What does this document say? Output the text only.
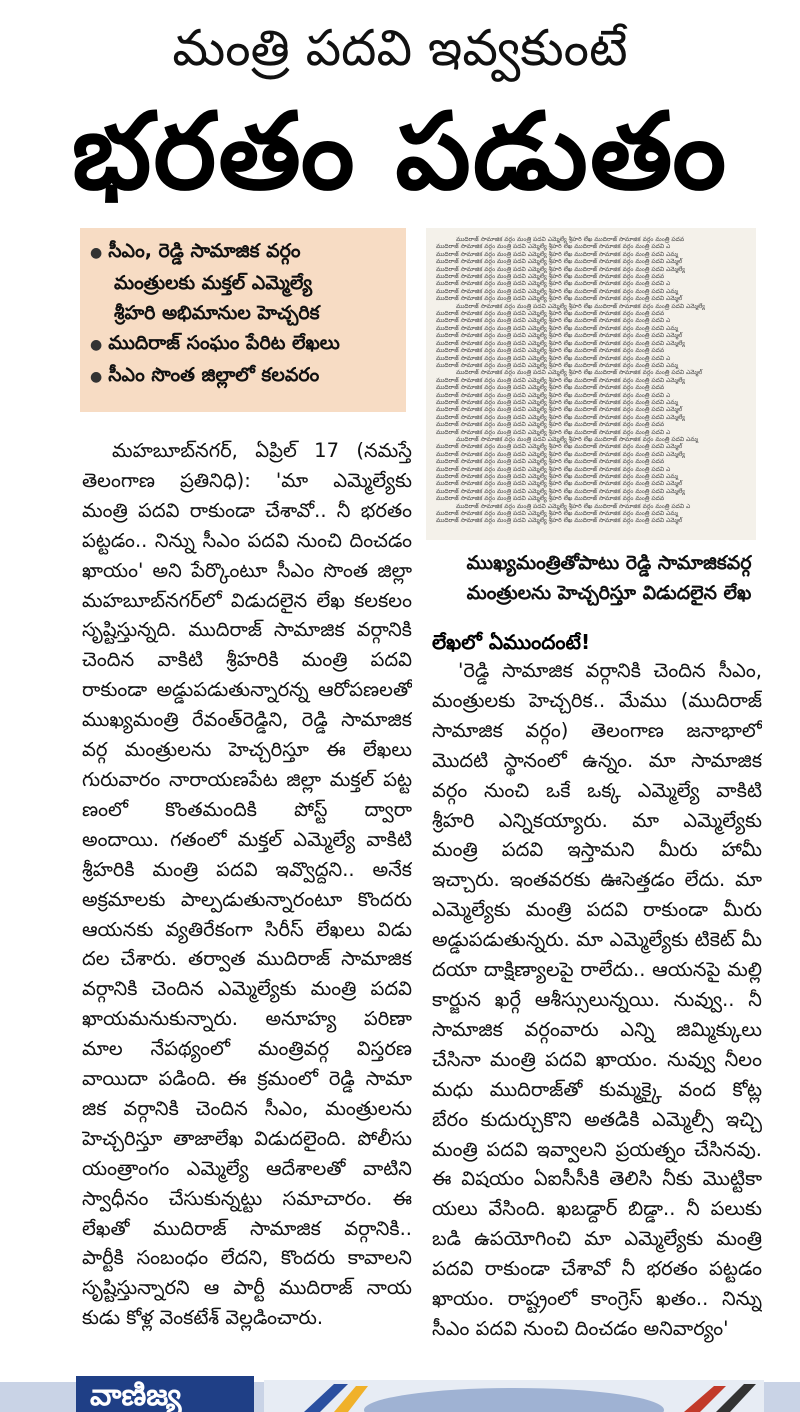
మంత్రి పదవి ఇవ్వకుంటే
భరతం పడుతం
● సీఎం, రెడ్డి సామాజిక వర్గం
మంత్రులకు మక్తల్ ఎమ్మెల్యే
శ్రీహరి అభిమానుల హెచ్చరిక
● ముదిరాజ్ సంఘం పేరిట లేఖలు
● సీఎం సొంత జిల్లాలో కలవరం
ముదిరాజ్ సామాజిక వర్గం మంత్రి పదవి ఎమ్మెల్యే శ్రీహరి లేఖ ముదిరాజ్ సామాజిక వర్గం మంత్రి పదవ
ముదిరాజ్ సామాజిక వర్గం మంత్రి పదవి ఎమ్మెల్యే శ్రీహరి లేఖ ముదిరాజ్ సామాజిక వర్గం మంత్రి పదవి ఎ
ముదిరాజ్ సామాజిక వర్గం మంత్రి పదవి ఎమ్మెల్యే శ్రీహరి లేఖ ముదిరాజ్ సామాజిక వర్గం మంత్రి పదవి ఎమ్మ
ముదిరాజ్ సామాజిక వర్గం మంత్రి పదవి ఎమ్మెల్యే శ్రీహరి లేఖ ముదిరాజ్ సామాజిక వర్గం మంత్రి పదవి ఎమ్మెల్
ముదిరాజ్ సామాజిక వర్గం మంత్రి పదవి ఎమ్మెల్యే శ్రీహరి లేఖ ముదిరాజ్ సామాజిక వర్గం మంత్రి పదవి ఎమ్మెల్యే
ముదిరాజ్ సామాజిక వర్గం మంత్రి పదవి ఎమ్మెల్యే శ్రీహరి లేఖ ముదిరాజ్ సామాజిక వర్గం మంత్రి పదవ
ముదిరాజ్ సామాజిక వర్గం మంత్రి పదవి ఎమ్మెల్యే శ్రీహరి లేఖ ముదిరాజ్ సామాజిక వర్గం మంత్రి పదవి ఎ
ముదిరాజ్ సామాజిక వర్గం మంత్రి పదవి ఎమ్మెల్యే శ్రీహరి లేఖ ముదిరాజ్ సామాజిక వర్గం మంత్రి పదవి ఎమ్మ
ముదిరాజ్ సామాజిక వర్గం మంత్రి పదవి ఎమ్మెల్యే శ్రీహరి లేఖ ముదిరాజ్ సామాజిక వర్గం మంత్రి పదవి ఎమ్మెల్
ముదిరాజ్ సామాజిక వర్గం మంత్రి పదవి ఎమ్మెల్యే శ్రీహరి లేఖ ముదిరాజ్ సామాజిక వర్గం మంత్రి పదవి ఎమ్మెల్యే
ముదిరాజ్ సామాజిక వర్గం మంత్రి పదవి ఎమ్మెల్యే శ్రీహరి లేఖ ముదిరాజ్ సామాజిక వర్గం మంత్రి పదవ
ముదిరాజ్ సామాజిక వర్గం మంత్రి పదవి ఎమ్మెల్యే శ్రీహరి లేఖ ముదిరాజ్ సామాజిక వర్గం మంత్రి పదవి ఎ
ముదిరాజ్ సామాజిక వర్గం మంత్రి పదవి ఎమ్మెల్యే శ్రీహరి లేఖ ముదిరాజ్ సామాజిక వర్గం మంత్రి పదవి ఎమ్మ
ముదిరాజ్ సామాజిక వర్గం మంత్రి పదవి ఎమ్మెల్యే శ్రీహరి లేఖ ముదిరాజ్ సామాజిక వర్గం మంత్రి పదవి ఎమ్మెల్
ముదిరాజ్ సామాజిక వర్గం మంత్రి పదవి ఎమ్మెల్యే శ్రీహరి లేఖ ముదిరాజ్ సామాజిక వర్గం మంత్రి పదవి ఎమ్మెల్యే
ముదిరాజ్ సామాజిక వర్గం మంత్రి పదవి ఎమ్మెల్యే శ్రీహరి లేఖ ముదిరాజ్ సామాజిక వర్గం మంత్రి పదవ
ముదిరాజ్ సామాజిక వర్గం మంత్రి పదవి ఎమ్మెల్యే శ్రీహరి లేఖ ముదిరాజ్ సామాజిక వర్గం మంత్రి పదవి ఎ
ముదిరాజ్ సామాజిక వర్గం మంత్రి పదవి ఎమ్మెల్యే శ్రీహరి లేఖ ముదిరాజ్ సామాజిక వర్గం మంత్రి పదవి ఎమ్మ
ముదిరాజ్ సామాజిక వర్గం మంత్రి పదవి ఎమ్మెల్యే శ్రీహరి లేఖ ముదిరాజ్ సామాజిక వర్గం మంత్రి పదవి ఎమ్మెల్
ముదిరాజ్ సామాజిక వర్గం మంత్రి పదవి ఎమ్మెల్యే శ్రీహరి లేఖ ముదిరాజ్ సామాజిక వర్గం మంత్రి పదవి ఎమ్మెల్యే
ముదిరాజ్ సామాజిక వర్గం మంత్రి పదవి ఎమ్మెల్యే శ్రీహరి లేఖ ముదిరాజ్ సామాజిక వర్గం మంత్రి పదవ
ముదిరాజ్ సామాజిక వర్గం మంత్రి పదవి ఎమ్మెల్యే శ్రీహరి లేఖ ముదిరాజ్ సామాజిక వర్గం మంత్రి పదవి ఎ
ముదిరాజ్ సామాజిక వర్గం మంత్రి పదవి ఎమ్మెల్యే శ్రీహరి లేఖ ముదిరాజ్ సామాజిక వర్గం మంత్రి పదవి ఎమ్మ
ముదిరాజ్ సామాజిక వర్గం మంత్రి పదవి ఎమ్మెల్యే శ్రీహరి లేఖ ముదిరాజ్ సామాజిక వర్గం మంత్రి పదవి ఎమ్మెల్
ముదిరాజ్ సామాజిక వర్గం మంత్రి పదవి ఎమ్మెల్యే శ్రీహరి లేఖ ముదిరాజ్ సామాజిక వర్గం మంత్రి పదవి ఎమ్మెల్యే
ముదిరాజ్ సామాజిక వర్గం మంత్రి పదవి ఎమ్మెల్యే శ్రీహరి లేఖ ముదిరాజ్ సామాజిక వర్గం మంత్రి పదవ
ముదిరాజ్ సామాజిక వర్గం మంత్రి పదవి ఎమ్మెల్యే శ్రీహరి లేఖ ముదిరాజ్ సామాజిక వర్గం మంత్రి పదవి ఎ
ముదిరాజ్ సామాజిక వర్గం మంత్రి పదవి ఎమ్మెల్యే శ్రీహరి లేఖ ముదిరాజ్ సామాజిక వర్గం మంత్రి పదవి ఎమ్మ
ముదిరాజ్ సామాజిక వర్గం మంత్రి పదవి ఎమ్మెల్యే శ్రీహరి లేఖ ముదిరాజ్ సామాజిక వర్గం మంత్రి పదవి ఎమ్మెల్
ముదిరాజ్ సామాజిక వర్గం మంత్రి పదవి ఎమ్మెల్యే శ్రీహరి లేఖ ముదిరాజ్ సామాజిక వర్గం మంత్రి పదవి ఎమ్మెల్యే
ముదిరాజ్ సామాజిక వర్గం మంత్రి పదవి ఎమ్మెల్యే శ్రీహరి లేఖ ముదిరాజ్ సామాజిక వర్గం మంత్రి పదవ
ముదిరాజ్ సామాజిక వర్గం మంత్రి పదవి ఎమ్మెల్యే శ్రీహరి లేఖ ముదిరాజ్ సామాజిక వర్గం మంత్రి పదవి ఎ
ముదిరాజ్ సామాజిక వర్గం మంత్రి పదవి ఎమ్మెల్యే శ్రీహరి లేఖ ముదిరాజ్ సామాజిక వర్గం మంత్రి పదవి ఎమ్మ
ముదిరాజ్ సామాజిక వర్గం మంత్రి పదవి ఎమ్మెల్యే శ్రీహరి లేఖ ముదిరాజ్ సామాజిక వర్గం మంత్రి పదవి ఎమ్మెల్
ముదిరాజ్ సామాజిక వర్గం మంత్రి పదవి ఎమ్మెల్యే శ్రీహరి లేఖ ముదిరాజ్ సామాజిక వర్గం మంత్రి పదవి ఎమ్మెల్యే
ముదిరాజ్ సామాజిక వర్గం మంత్రి పదవి ఎమ్మెల్యే శ్రీహరి లేఖ ముదిరాజ్ సామాజిక వర్గం మంత్రి పదవ
ముదిరాజ్ సామాజిక వర్గం మంత్రి పదవి ఎమ్మెల్యే శ్రీహరి లేఖ ముదిరాజ్ సామాజిక వర్గం మంత్రి పదవి ఎ
ముదిరాజ్ సామాజిక వర్గం మంత్రి పదవి ఎమ్మెల్యే శ్రీహరి లేఖ ముదిరాజ్ సామాజిక వర్గం మంత్రి పదవి ఎమ్మ
ముదిరాజ్ సామాజిక వర్గం మంత్రి పదవి ఎమ్మెల్యే శ్రీహరి లేఖ ముదిరాజ్ సామాజిక వర్గం మంత్రి పదవి ఎమ్మెల్
ముఖ్యమంత్రితోపాటు రెడ్డి సామాజికవర్గ
మంత్రులను హెచ్చరిస్తూ విడుదలైన లేఖ
మహబూబ్‌నగర్, ఏప్రిల్ 17 (నమస్తే
తెలంగాణ ప్రతినిధి): 'మా ఎమ్మెల్యేకు
మంత్రి పదవి రాకుండా చేశావో.. నీ భరతం
పట్టడం.. నిన్ను సీఎం పదవి నుంచి దించడం
ఖాయం' అని పేర్కొంటూ సీఎం సొంత జిల్లా
మహబూబ్‌నగర్‌లో విడుదలైన లేఖ కలకలం
సృష్టిస్తున్నది. ముదిరాజ్ సామాజిక వర్గానికి
చెందిన వాకిటి శ్రీహరికి మంత్రి పదవి
రాకుండా అడ్డుపడుతున్నారన్న ఆరోపణలతో
ముఖ్యమంత్రి రేవంత్‌రెడ్డిని, రెడ్డి సామాజిక
వర్గ మంత్రులను హెచ్చరిస్తూ ఈ లేఖలు
గురువారం నారాయణపేట జిల్లా మక్తల్ పట్ట
ణంలో కొంతమందికి పోస్ట్ ద్వారా
అందాయి. గతంలో మక్తల్ ఎమ్మెల్యే వాకిటి
శ్రీహరికి మంత్రి పదవి ఇవ్వొద్దని.. అనేక
అక్రమాలకు పాల్పడుతున్నారంటూ కొందరు
ఆయనకు వ్యతిరేకంగా సిరీస్ లేఖలు విడు
దల చేశారు. తర్వాత ముదిరాజ్ సామాజిక
వర్గానికి చెందిన ఎమ్మెల్యేకు మంత్రి పదవి
ఖాయమనుకున్నారు. అనూహ్య పరిణా
మాల నేపథ్యంలో మంత్రివర్గ విస్తరణ
వాయిదా పడింది. ఈ క్రమంలో రెడ్డి సామా
జిక వర్గానికి చెందిన సీఎం, మంత్రులను
హెచ్చరిస్తూ తాజాలేఖ విడుదలైంది. పోలీసు
యంత్రాంగం ఎమ్మెల్యే ఆదేశాలతో వాటిని
స్వాధీనం చేసుకున్నట్టు సమాచారం. ఈ
లేఖతో ముదిరాజ్ సామాజిక వర్గానికి..
పార్టీకి సంబంధం లేదని, కొందరు కావాలని
సృష్టిస్తున్నారని ఆ పార్టీ ముదిరాజ్ నాయ
కుడు కోళ్ల వెంకటేశ్ వెల్లడించారు.
లేఖలో ఏముందంటే!
'రెడ్డి సామాజిక వర్గానికి చెందిన సీఎం,
మంత్రులకు హెచ్చరిక.. మేము (ముదిరాజ్
సామాజిక వర్గం) తెలంగాణ జనాభాలో
మొదటి స్థానంలో ఉన్నం. మా సామాజిక
వర్గం నుంచి ఒకే ఒక్క ఎమ్మెల్యే వాకిటి
శ్రీహరి ఎన్నికయ్యారు. మా ఎమ్మెల్యేకు
మంత్రి పదవి ఇస్తామని మీరు హామీ
ఇచ్చారు. ఇంతవరకు ఊసెత్తడం లేదు. మా
ఎమ్మెల్యేకు మంత్రి పదవి రాకుండా మీరు
అడ్డుపడుతున్నరు. మా ఎమ్మెల్యేకు టికెట్ మీ
దయా దాక్షిణ్యాలపై రాలేదు.. ఆయనపై మల్లి
కార్జున ఖర్గే ఆశీస్సులున్నయి. నువ్వు.. నీ
సామాజిక వర్గంవారు ఎన్ని జిమ్మిక్కులు
చేసినా మంత్రి పదవి ఖాయం. నువ్వు నీలం
మధు ముదిరాజ్‌తో కుమ్మక్కై వంద కోట్ల
బేరం కుదుర్చుకొని అతడికి ఎమ్మెల్సీ ఇచ్చి
మంత్రి పదవి ఇవ్వాలని ప్రయత్నం చేసినవు.
ఈ విషయం ఏఐసీసీకి తెలిసి నీకు మొట్టికా
యలు వేసింది. ఖబడ్దార్ బిడ్డా.. నీ పలుకు
బడి ఉపయోగించి మా ఎమ్మెల్యేకు మంత్రి
పదవి రాకుండా చేశావో నీ భరతం పట్టడం
ఖాయం. రాష్ట్రంలో కాంగ్రెస్ ఖతం.. నిన్ను
సీఎం పదవి నుంచి దించడం అనివార్యం'
వాణిజ్య
